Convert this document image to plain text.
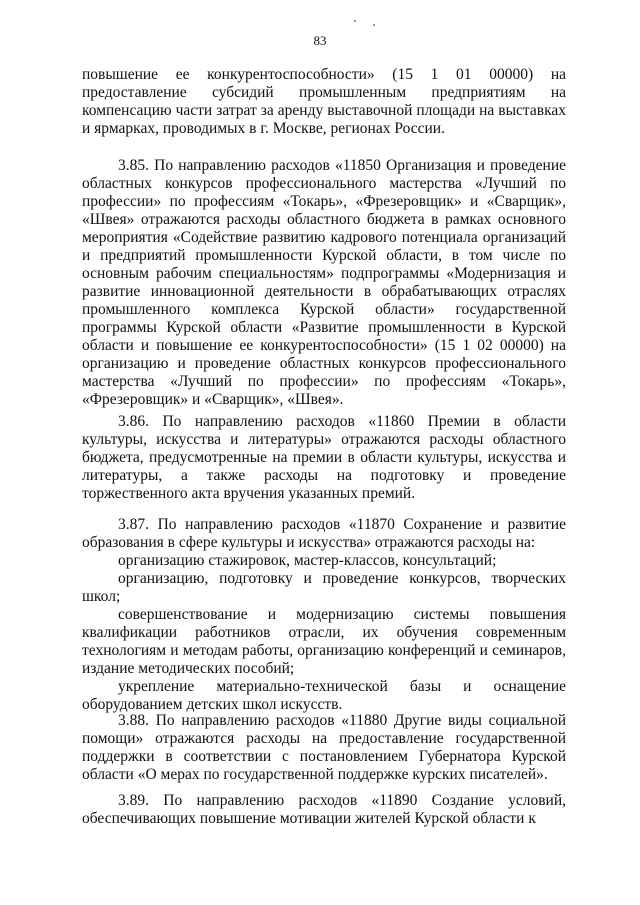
83

повышение ее конкурентоспособности» (15 1 01 00000) на предоставление субсидий промышленным предприятиям на компенсацию части затрат за аренду выставочной площади на выставках и ярмарках, проводимых в г. Москве, регионах России.

3.85. По направлению расходов «11850 Организация и проведение областных конкурсов профессионального мастерства «Лучший по профессии» по профессиям «Токарь», «Фрезеровщик» и «Сварщик», «Швея» отражаются расходы областного бюджета в рамках основного мероприятия «Содействие развитию кадрового потенциала организаций и предприятий промышленности Курской области, в том числе по основным рабочим специальностям» подпрограммы «Модернизация и развитие инновационной деятельности в обрабатывающих отраслях промышленного комплекса Курской области» государственной программы Курской области «Развитие промышленности в Курской области и повышение ее конкурентоспособности» (15 1 02 00000) на организацию и проведение областных конкурсов профессионального мастерства «Лучший по профессии» по профессиям «Токарь», «Фрезеровщик» и «Сварщик», «Швея».

3.86. По направлению расходов «11860 Премии в области культуры, искусства и литературы» отражаются расходы областного бюджета, предусмотренные на премии в области культуры, искусства и литературы, а также расходы на подготовку и проведение торжественного акта вручения указанных премий.

3.87. По направлению расходов «11870 Сохранение и развитие образования в сфере культуры и искусства» отражаются расходы на:

организацию стажировок, мастер-классов, консультаций;

организацию, подготовку и проведение конкурсов, творческих школ;

совершенствование и модернизацию системы повышения квалификации работников отрасли, их обучения современным технологиям и методам работы, организацию конференций и семинаров, издание методических пособий;

укрепление материально-технической базы и оснащение оборудованием детских школ искусств.

3.88. По направлению расходов «11880 Другие виды социальной помощи» отражаются расходы на предоставление государственной поддержки в соответствии с постановлением Губернатора Курской области «О мерах по государственной поддержке курских писателей».

3.89. По направлению расходов «11890 Создание условий, обеспечивающих повышение мотивации жителей Курской области к
